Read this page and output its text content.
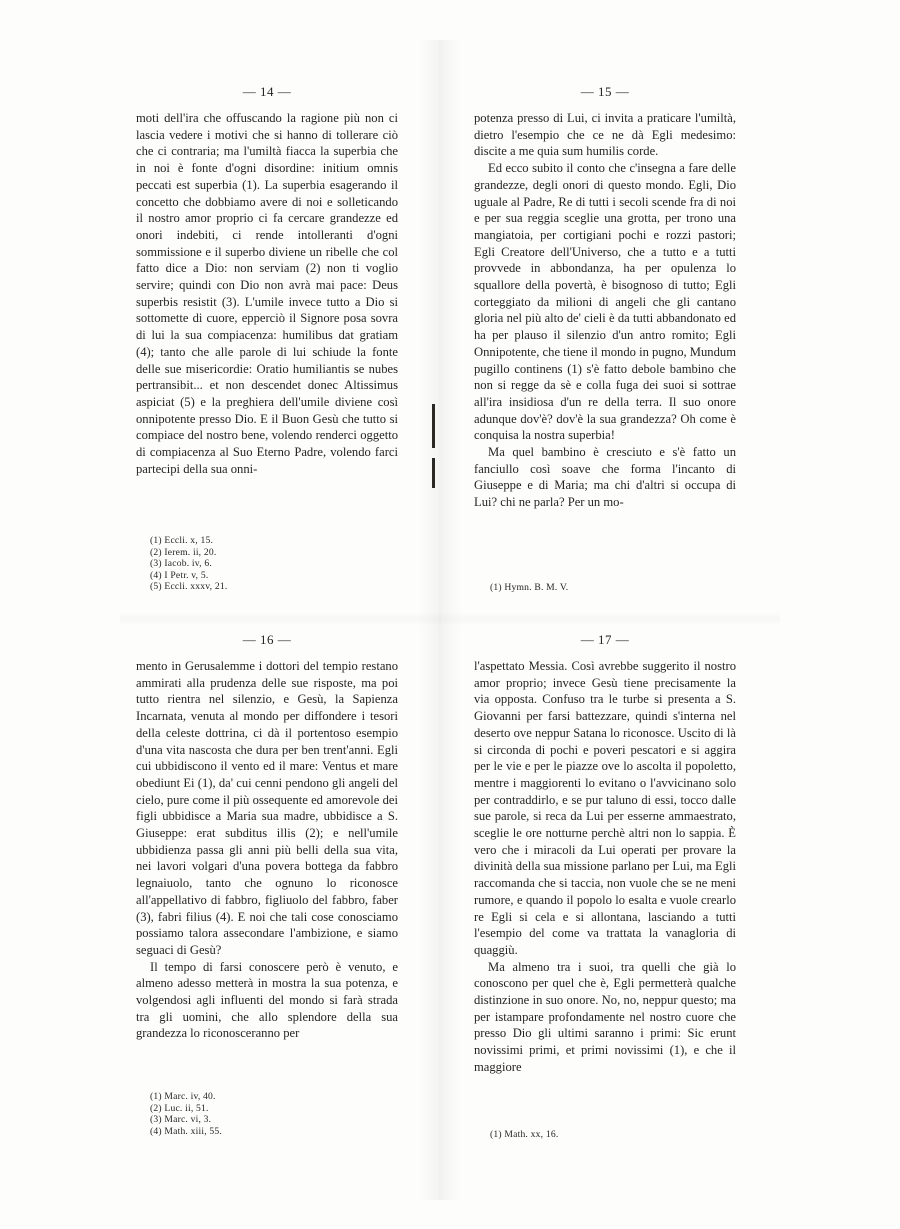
— 14 —

moti dell'ira che offuscando la ragione più non ci lascia vedere i motivi che si hanno di tollerare ciò che ci contraria; ma l'umiltà fiacca la superbia che in noi è fonte d'ogni disordine: initium omnis peccati est superbia (1). La superbia esagerando il concetto che dobbiamo avere di noi e solleticando il nostro amor proprio ci fa cercare grandezze ed onori indebiti, ci rende intolleranti d'ogni sommissione e il superbo diviene un ribelle che col fatto dice a Dio: non serviam (2) non ti voglio servire; quindi con Dio non avrà mai pace: Deus superbis resistit (3). L'umile invece tutto a Dio si sottomette di cuore, epperciò il Signore posa sovra di lui la sua compiacenza: humilibus dat gratiam (4); tanto che alle parole di lui schiude la fonte delle sue misericordie: Oratio humiliantis se nubes pertransibit... et non descendet donec Altissimus aspiciat (5) e la preghiera dell'umile diviene così onnipotente presso Dio. E il Buon Gesù che tutto si compiace del nostro bene, volendo renderci oggetto di compiacenza al Suo Eterno Padre, volendo farci partecipi della sua onni-

(1) Eccli. x, 15.
(2) Ierem. ii, 20.
(3) Iacob. iv, 6.
(4) I Petr. v, 5.
(5) Eccli. xxxv, 21.
— 15 —

potenza presso di Lui, ci invita a praticare l'umiltà, dietro l'esempio che ce ne dà Egli medesimo: discite a me quia sum humilis corde.

Ed ecco subito il conto che c'insegna a fare delle grandezze, degli onori di questo mondo. Egli, Dio uguale al Padre, Re di tutti i secoli scende fra di noi e per sua reggia sceglie una grotta, per trono una mangiatoia, per cortigiani pochi e rozzi pastori; Egli Creatore dell'Universo, che a tutto e a tutti provvede in abbondanza, ha per opulenza lo squallore della povertà, è bisognoso di tutto; Egli corteggiato da milioni di angeli che gli cantano gloria nel più alto de' cieli è da tutti abbandonato ed ha per plauso il silenzio d'un antro romito; Egli Onnipotente, che tiene il mondo in pugno, Mundum pugillo continens (1) s'è fatto debole bambino che non si regge da sè e colla fuga dei suoi si sottrae all'ira insidiosa d'un re della terra. Il suo onore adunque dov'è? dov'è la sua grandezza? Oh come è conquisa la nostra superbia!

Ma quel bambino è cresciuto e s'è fatto un fanciullo così soave che forma l'incanto di Giuseppe e di Maria; ma chi d'altri si occupa di Lui? chi ne parla? Per un mo-

(1) Hymn. B. M. V.
— 16 —

mento in Gerusalemme i dottori del tempio restano ammirati alla prudenza delle sue risposte, ma poi tutto rientra nel silenzio, e Gesù, la Sapienza Incarnata, venuta al mondo per diffondere i tesori della celeste dottrina, ci dà il portentoso esempio d'una vita nascosta che dura per ben trent'anni. Egli cui ubbidiscono il vento ed il mare: Ventus et mare obediunt Ei (1), da' cui cenni pendono gli angeli del cielo, pure come il più ossequente ed amorevole dei figli ubbidisce a Maria sua madre, ubbidisce a S. Giuseppe: erat subditus illis (2); e nell'umile ubbidienza passa gli anni più belli della sua vita, nei lavori volgari d'una povera bottega da fabbro legnaiuolo, tanto che ognuno lo riconosce all'appellativo di fabbro, figliuolo del fabbro, faber (3), fabri filius (4). E noi che tali cose conosciamo possiamo talora assecondare l'ambizione, e siamo seguaci di Gesù?

Il tempo di farsi conoscere però è venuto, e almeno adesso metterà in mostra la sua potenza, e volgendosi agli influenti del mondo si farà strada tra gli uomini, che allo splendore della sua grandezza lo riconosceranno per

(1) Marc. iv, 40.
(2) Luc. ii, 51.
(3) Marc. vi, 3.
(4) Math. xiii, 55.
— 17 —

l'aspettato Messia. Così avrebbe suggerito il nostro amor proprio; invece Gesù tiene precisamente la via opposta. Confuso tra le turbe si presenta a S. Giovanni per farsi battezzare, quindi s'interna nel deserto ove neppur Satana lo riconosce. Uscito di là si circonda di pochi e poveri pescatori e si aggira per le vie e per le piazze ove lo ascolta il popoletto, mentre i maggiorenti lo evitano o l'avvicinano solo per contraddirlo, e se pur taluno di essi, tocco dalle sue parole, si reca da Lui per esserne ammaestrato, sceglie le ore notturne perchè altri non lo sappia. È vero che i miracoli da Lui operati per provare la divinità della sua missione parlano per Lui, ma Egli raccomanda che si taccia, non vuole che se ne meni rumore, e quando il popolo lo esalta e vuole crearlo re Egli si cela e si allontana, lasciando a tutti l'esempio del come va trattata la vanagloria di quaggiù.

Ma almeno tra i suoi, tra quelli che già lo conoscono per quel che è, Egli permetterà qualche distinzione in suo onore. No, no, neppur questo; ma per istampare profondamente nel nostro cuore che presso Dio gli ultimi saranno i primi: Sic erunt novissimi primi, et primi novissimi (1), e che il maggiore

(1) Math. xx, 16.
